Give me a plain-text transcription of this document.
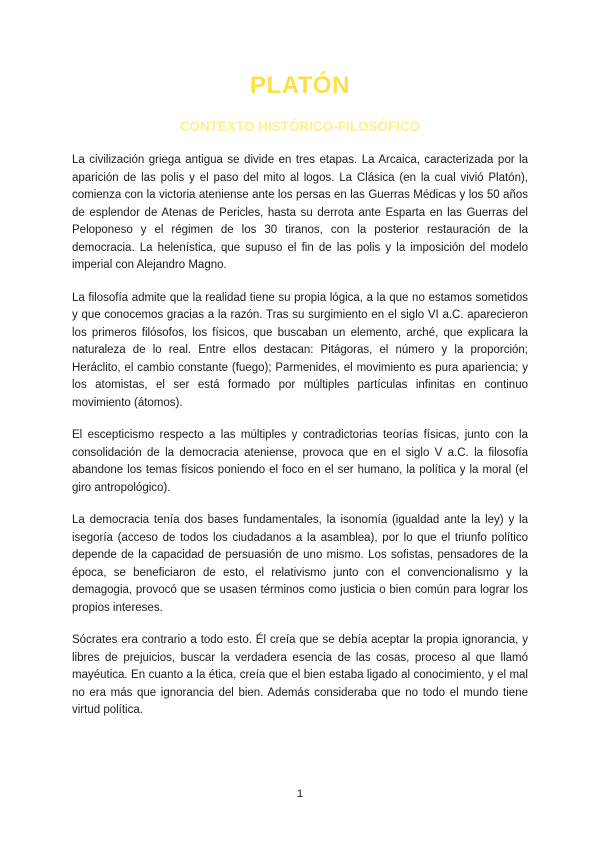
PLATÓN
CONTEXTO HISTÓRICO-FILOSÓFICO

La civilización griega antigua se divide en tres etapas. La Arcaica, caracterizada por la aparición de las polis y el paso del mito al logos. La Clásica (en la cual vivió Platón), comienza con la victoria ateniense ante los persas en las Guerras Médicas y los 50 años de esplendor de Atenas de Pericles, hasta su derrota ante Esparta en las Guerras del Peloponeso y el régimen de los 30 tiranos, con la posterior restauración de la democracia. La helenística, que supuso el fin de las polis y la imposición del modelo imperial con Alejandro Magno.

La filosofía admite que la realidad tiene su propia lógica, a la que no estamos sometidos y que conocemos gracias a la razón. Tras su surgimiento en el siglo VI a.C. aparecieron los primeros filósofos, los físicos, que buscaban un elemento, arché, que explicara la naturaleza de lo real. Entre ellos destacan: Pitágoras, el número y la proporción; Heráclito, el cambio constante (fuego); Parmenides, el movimiento es pura apariencia; y los atomistas, el ser está formado por múltiples partículas infinitas en continuo movimiento (átomos).

El escepticismo respecto a las múltiples y contradictorias teorías físicas, junto con la consolidación de la democracia ateniense, provoca que en el siglo V a.C. la filosofía abandone los temas físicos poniendo el foco en el ser humano, la política y la moral (el giro antropológico).

La democracia tenía dos bases fundamentales, la isonomía (igualdad ante la ley) y la isegoría (acceso de todos los ciudadanos a la asamblea), por lo que el triunfo político depende de la capacidad de persuasión de uno mismo. Los sofistas, pensadores de la época, se beneficiaron de esto, el relativismo junto con el convencionalismo y la demagogia, provocó que se usasen términos como justicia o bien común para lograr los propios intereses.

Sócrates era contrario a todo esto. Él creía que se debía aceptar la propia ignorancia, y libres de prejuicios, buscar la verdadera esencia de las cosas, proceso al que llamó mayéutica. En cuanto a la ética, creía que el bien estaba ligado al conocimiento, y el mal no era más que ignorancia del bien. Además consideraba que no todo el mundo tiene virtud política.

1
